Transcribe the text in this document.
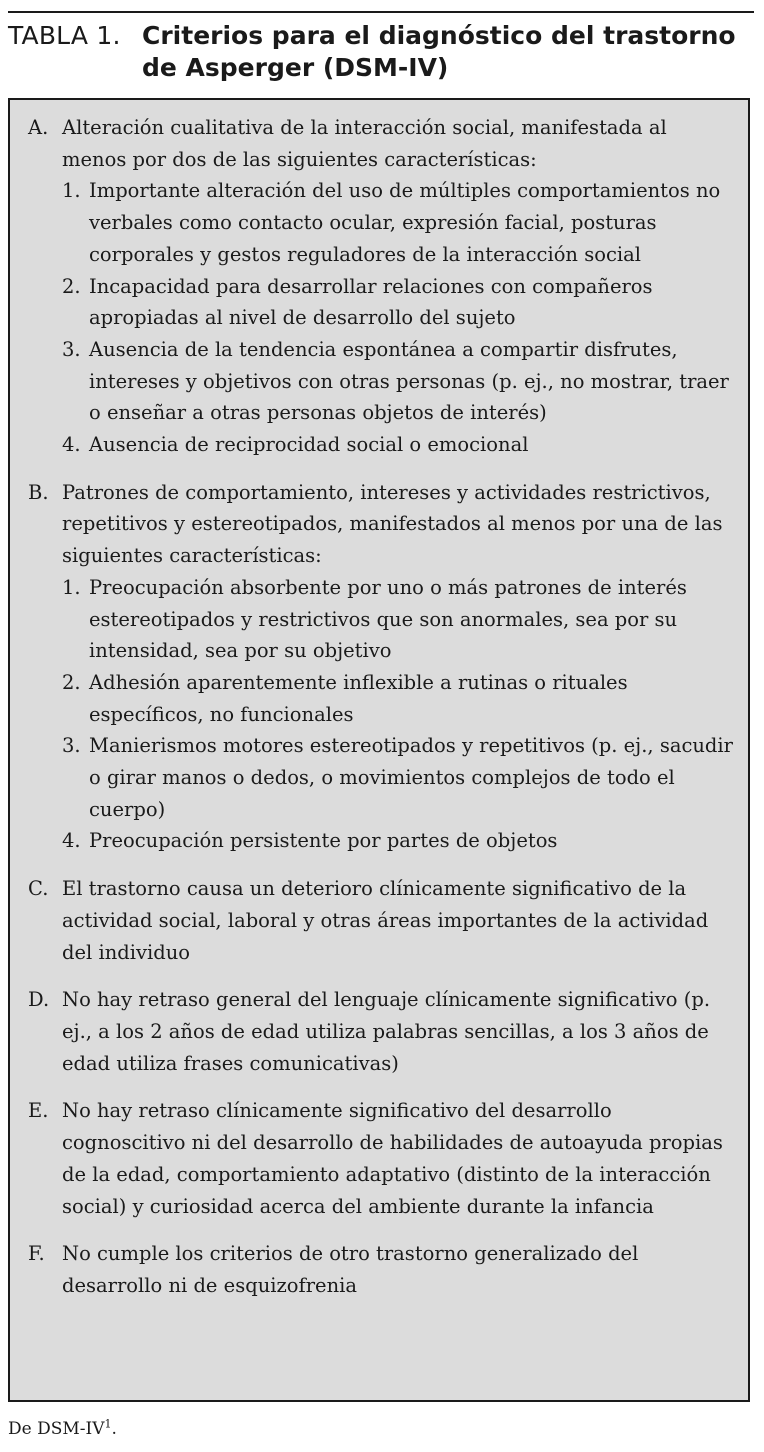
TABLA 1. Criterios para el diagnóstico del trastorno
de Asperger (DSM-IV)
A. Alteración cualitativa de la interacción social, manifestada al menos por dos de las siguientes características:
1. Importante alteración del uso de múltiples comportamientos no verbales como contacto ocular, expresión facial, posturas corporales y gestos reguladores de la interacción social
2. Incapacidad para desarrollar relaciones con compañeros apropiadas al nivel de desarrollo del sujeto
3. Ausencia de la tendencia espontánea a compartir disfrutes, intereses y objetivos con otras personas (p. ej., no mostrar, traer o enseñar a otras personas objetos de interés)
4. Ausencia de reciprocidad social o emocional
B. Patrones de comportamiento, intereses y actividades restrictivos, repetitivos y estereotipados, manifestados al menos por una de las siguientes características:
1. Preocupación absorbente por uno o más patrones de interés estereotipados y restrictivos que son anormales, sea por su intensidad, sea por su objetivo
2. Adhesión aparentemente inflexible a rutinas o rituales específicos, no funcionales
3. Manierismos motores estereotipados y repetitivos (p. ej., sacudir o girar manos o dedos, o movimientos complejos de todo el cuerpo)
4. Preocupación persistente por partes de objetos
C. El trastorno causa un deterioro clínicamente significativo de la actividad social, laboral y otras áreas importantes de la actividad del individuo
D. No hay retraso general del lenguaje clínicamente significativo (p. ej., a los 2 años de edad utiliza palabras sencillas, a los 3 años de edad utiliza frases comunicativas)
E. No hay retraso clínicamente significativo del desarrollo cognoscitivo ni del desarrollo de habilidades de autoayuda propias de la edad, comportamiento adaptativo (distinto de la interacción social) y curiosidad acerca del ambiente durante la infancia
F. No cumple los criterios de otro trastorno generalizado del desarrollo ni de esquizofrenia
De DSM-$IV^1$.
